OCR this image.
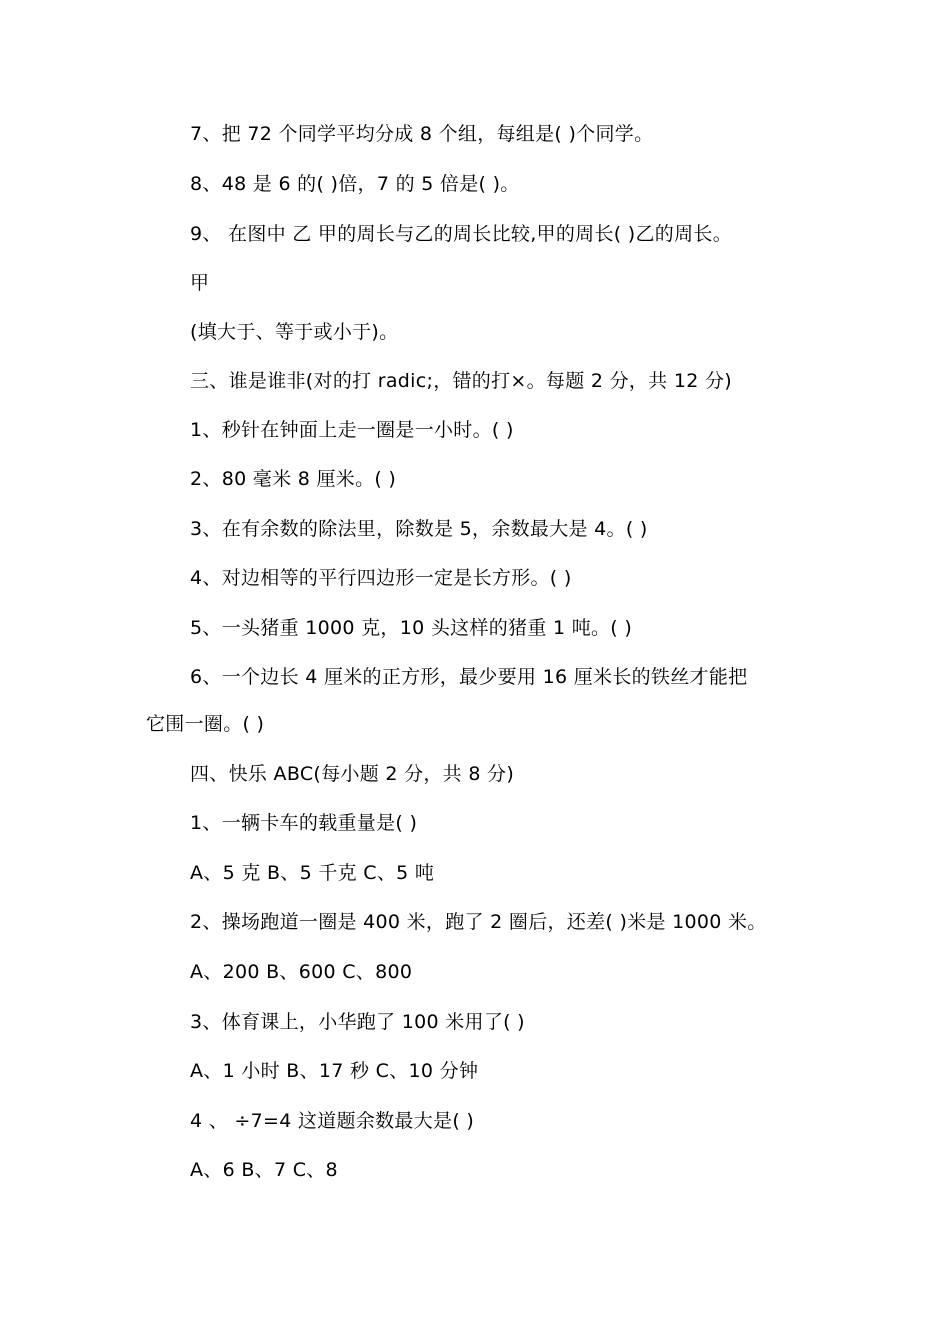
7、把 72 个同学平均分成 8 个组，每组是( )个同学。
8、48 是 6 的( )倍，7 的 5 倍是( )。
9、 在图中 乙 甲的周长与乙的周长比较,甲的周长( )乙的周长。
甲
(填大于、等于或小于)。
三、谁是谁非(对的打 radic;，错的打×。每题 2 分，共 12 分)
1、秒针在钟面上走一圈是一小时。( )
2、80 毫米 8 厘米。( )
3、在有余数的除法里，除数是 5，余数最大是 4。( )
4、对边相等的平行四边形一定是长方形。( )
5、一头猪重 1000 克，10 头这样的猪重 1 吨。( )
6、一个边长 4 厘米的正方形，最少要用 16 厘米长的铁丝才能把
它围一圈。( )
四、快乐 ABC(每小题 2 分，共 8 分)
1、一辆卡车的载重量是( )
A、5 克 B、5 千克 C、5 吨
2、操场跑道一圈是 400 米，跑了 2 圈后，还差( )米是 1000 米。
A、200 B、600 C、800
3、体育课上，小华跑了 100 米用了( )
A、1 小时 B、17 秒 C、10 分钟
4 、 ÷7=4 这道题余数最大是( )
A、6 B、7 C、8
